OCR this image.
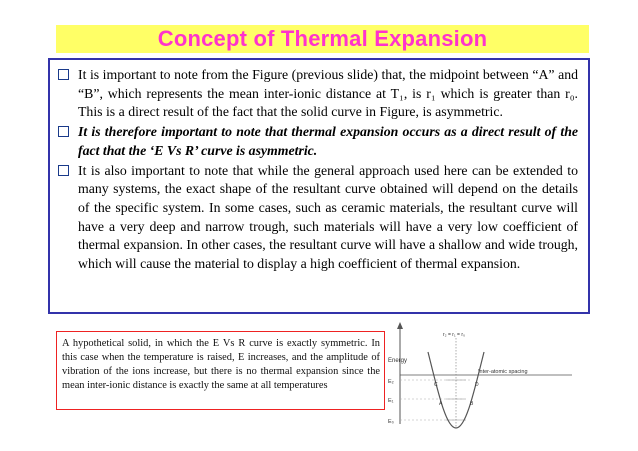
Concept of Thermal Expansion
It is important to note from the Figure (previous slide) that, the midpoint between “A” and “B”, which represents the mean inter-ionic distance at T₁, is r₁ which is greater than r₀. This is a direct result of the fact that the solid curve in Figure, is asymmetric.
It is therefore important to note that thermal expansion occurs as a direct result of the fact that the ‘E Vs R’ curve is asymmetric.
It is also important to note that while the general approach used here can be extended to many systems, the exact shape of the resultant curve obtained will depend on the details of the specific system. In some cases, such as ceramic materials, the resultant curve will have a very deep and narrow trough, such materials will have a very low coefficient of thermal expansion. In other cases, the resultant curve will have a shallow and wide trough, which will cause the material to display a high coefficient of thermal expansion.
A hypothetical solid, in which the E Vs R curve is exactly symmetric. In this case when the temperature is raised, E increases, and the amplitude of vibration of the ions increase, but there is no thermal expansion since the mean inter-ionic distance is exactly the same at all temperatures
Energy
Inter-atomic spacing
E₂
E₁
E₀
r₂ = r₁ = r₀
C	D
A	B
